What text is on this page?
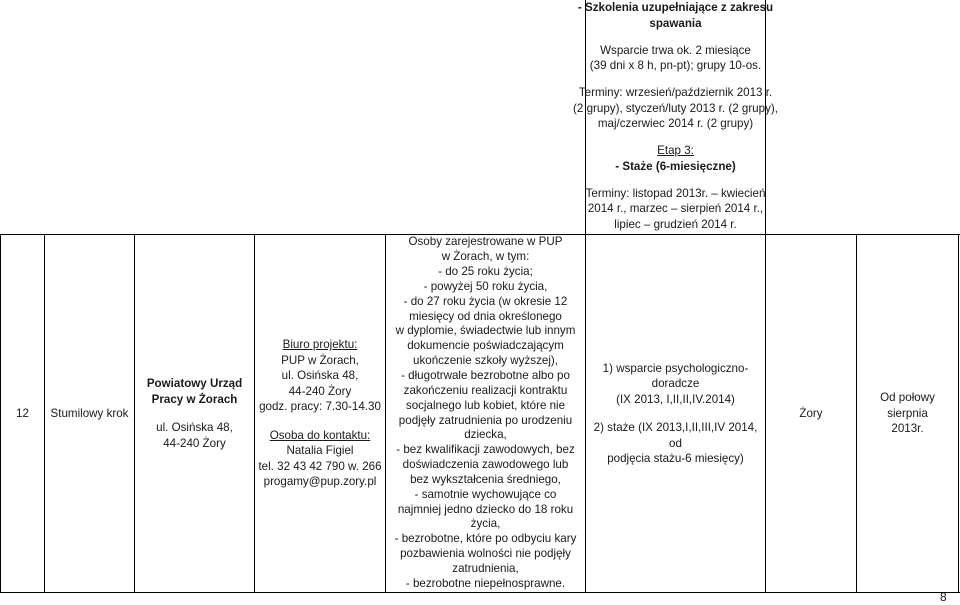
- Szkolenia uzupełniające z zakresu

spawania

Wsparcie trwa ok. 2 miesiące

(39 dni x 8 h, pn-pt); grupy 10-os.

Terminy: wrzesień/październik 2013 r.

(2 grupy), styczeń/luty 2013 r. (2 grupy),

maj/czerwiec 2014 r. (2 grupy)

Etap 3:

- Staże (6-miesięczne)

Terminy: listopad 2013r. – kwiecień

2014 r., marzec – sierpień 2014 r.,

lipiec – grudzień 2014 r.

12 Stumilowy krok

Powiatowy Urząd

Pracy w Żorach

ul. Osińska 48,

44-240 Żory

Biuro projektu:

PUP w Żorach,

ul. Osińska 48,

44-240 Żory

godz. pracy: 7.30-14.30

Osoba do kontaktu:

Natalia Figiel

tel. 32 43 42 790 w. 266

progamy@pup.zory.pl

Osoby zarejestrowane w PUP

w Żorach, w tym:

- do 25 roku życia;

- powyżej 50 roku życia,

- do 27 roku życia (w okresie 12

miesięcy od dnia określonego

w dyplomie, świadectwie lub innym

dokumencie poświadczającym

ukończenie szkoły wyższej),

- długotrwale bezrobotne albo po

zakończeniu realizacji kontraktu

socjalnego lub kobiet, które nie

podjęły zatrudnienia po urodzeniu

dziecka,

- bez kwalifikacji zawodowych, bez

doświadczenia zawodowego lub

bez wykształcenia średniego,

- samotnie wychowujące co

najmniej jedno dziecko do 18 roku

życia,

- bezrobotne, które po odbyciu kary

pozbawienia wolności nie podjęły

zatrudnienia,

- bezrobotne niepełnosprawne.

1) wsparcie psychologiczno-doradcze

(IX 2013, I,II,II,IV.2014)

2) staże (IX 2013,I,II,III,IV 2014, od

podjęcia stażu-6 miesięcy)

Żory

Od połowy

sierpnia

2013r.

8
